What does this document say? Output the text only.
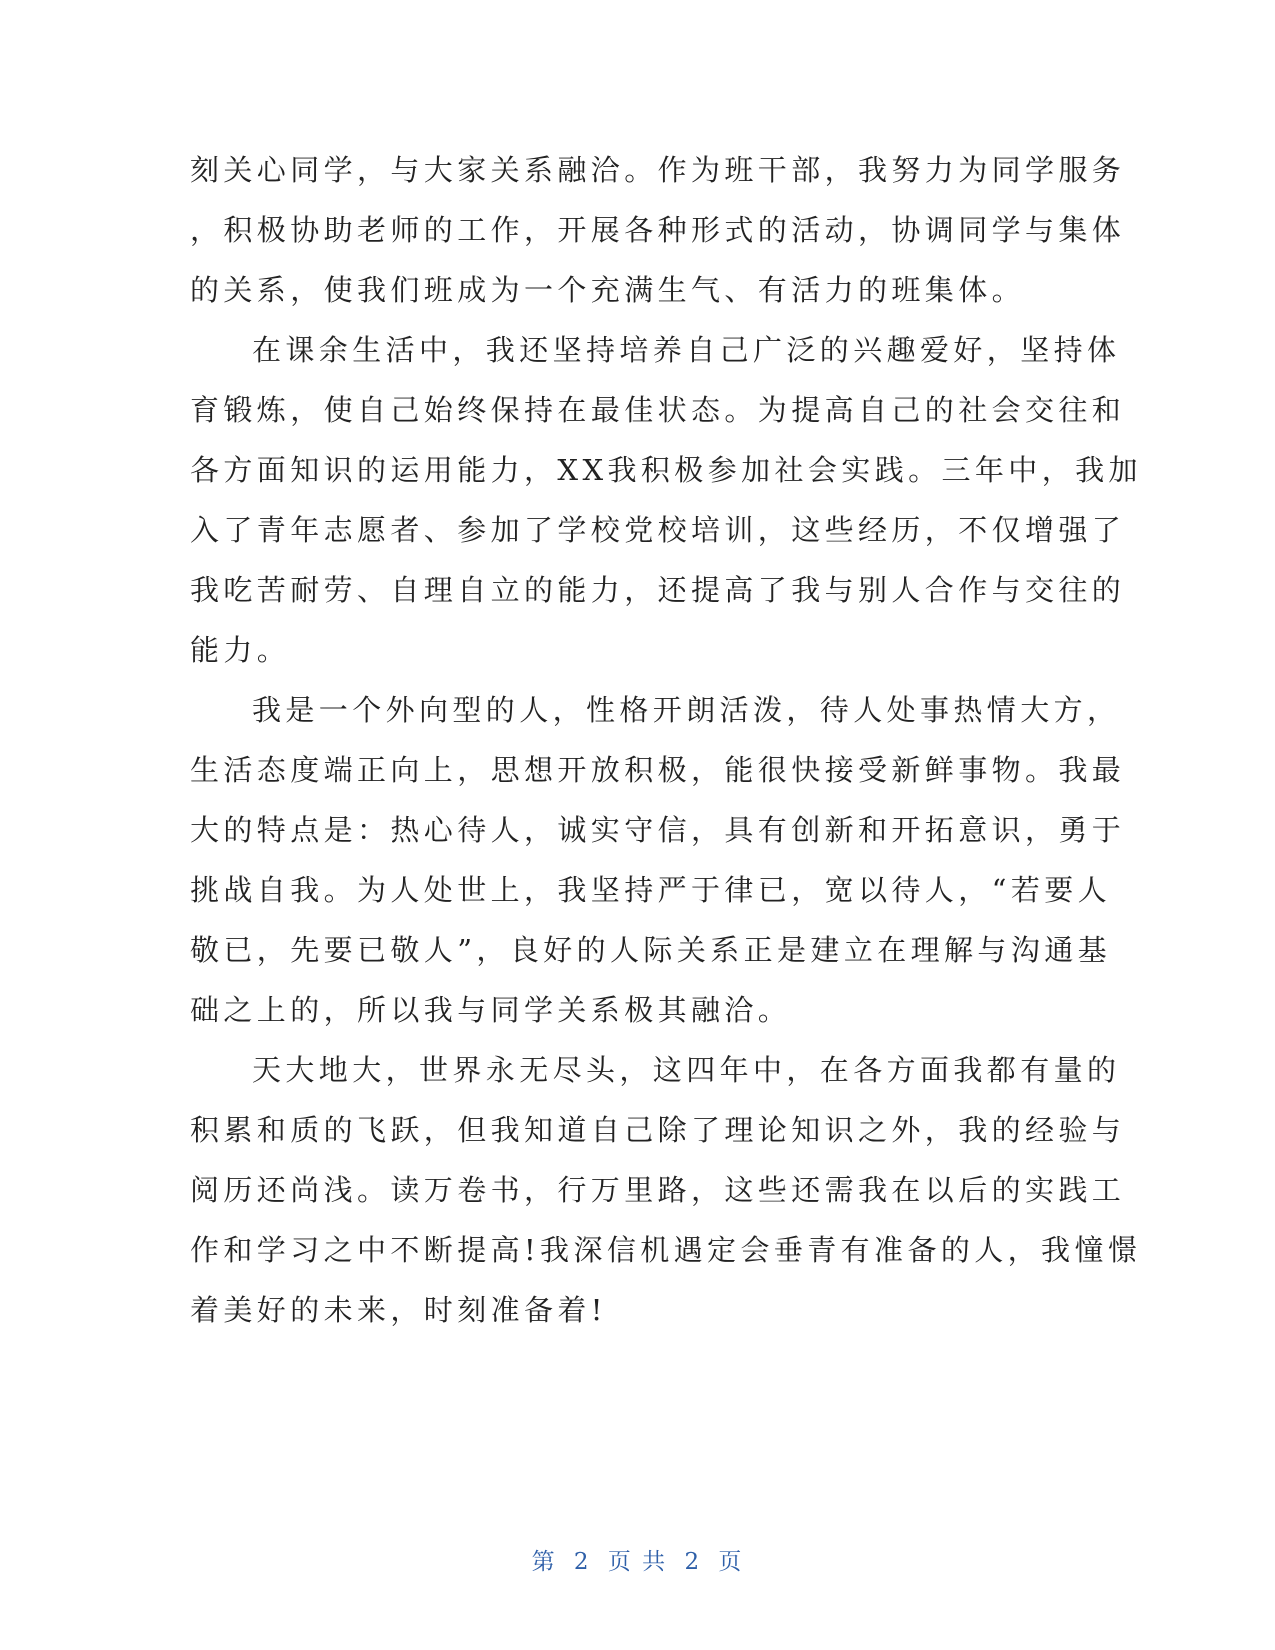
刻关心同学，与大家关系融洽。作为班干部，我努力为同学服务
，积极协助老师的工作，开展各种形式的活动，协调同学与集体
的关系，使我们班成为一个充满生气、有活力的班集体。
在课余生活中，我还坚持培养自己广泛的兴趣爱好，坚持体
育锻炼，使自己始终保持在最佳状态。为提高自己的社会交往和
各方面知识的运用能力，XX我积极参加社会实践。三年中，我加
入了青年志愿者、参加了学校党校培训，这些经历，不仅增强了
我吃苦耐劳、自理自立的能力，还提高了我与别人合作与交往的
能力。
我是一个外向型的人，性格开朗活泼，待人处事热情大方，
生活态度端正向上，思想开放积极，能很快接受新鲜事物。我最
大的特点是：热心待人，诚实守信，具有创新和开拓意识，勇于
挑战自我。为人处世上，我坚持严于律已，宽以待人，“若要人
敬已，先要已敬人”，良好的人际关系正是建立在理解与沟通基
础之上的，所以我与同学关系极其融洽。
天大地大，世界永无尽头，这四年中，在各方面我都有量的
积累和质的飞跃，但我知道自己除了理论知识之外，我的经验与
阅历还尚浅。读万卷书，行万里路，这些还需我在以后的实践工
作和学习之中不断提高!我深信机遇定会垂青有准备的人，我憧憬
着美好的未来，时刻准备着!
第 2 页 共 2 页
